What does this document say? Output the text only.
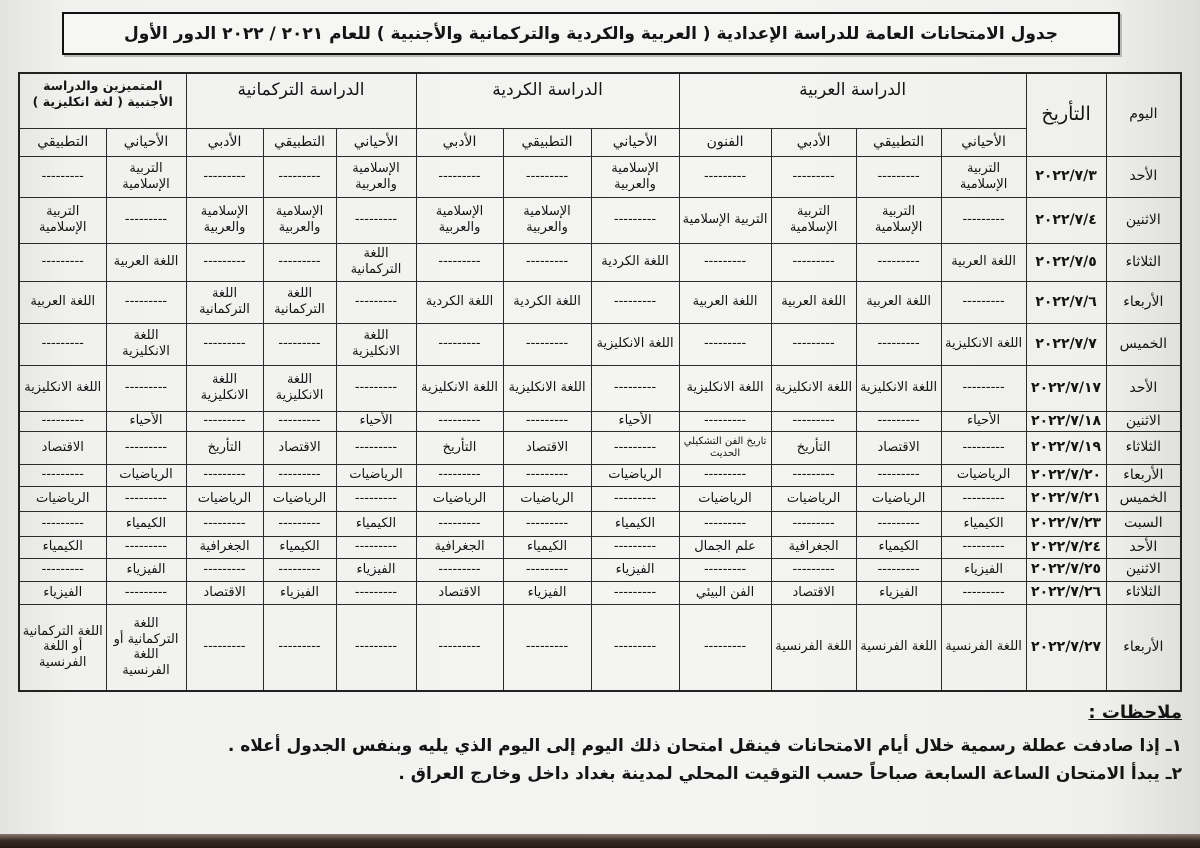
جدول الامتحانات العامة للدراسة الإعدادية ( العربية والكردية والتركمانية والأجنبية ) للعام ٢٠٢١ / ٢٠٢٢ الدور الأول
اليوم	التأريخ	الدراسة العربية				الدراسة الكردية			الدراسة التركمانية			المتميزين والدراسة الأجنبية ( لغة انكليزية )	
		الأحياني	التطبيقي	الأدبي	الفنون	الأحياني	التطبيقي	الأدبي	الأحياني	التطبيقي	الأدبي	الأحياني	التطبيقي
الأحد	٢٠٢٢/٧/٣	التربية الإسلامية	---------	---------	---------	الإسلامية والعربية	---------	---------	الإسلامية والعربية	---------	---------	التربية الإسلامية	---------
الاثنين	٢٠٢٢/٧/٤	---------	التربية الإسلامية	التربية الإسلامية	التربية الإسلامية	---------	الإسلامية والعربية	الإسلامية والعربية	---------	الإسلامية والعربية	الإسلامية والعربية	---------	التربية الإسلامية
الثلاثاء	٢٠٢٢/٧/٥	اللغة العربية	---------	---------	---------	اللغة الكردية	---------	---------	اللغة التركمانية	---------	---------	اللغة العربية	---------
الأربعاء	٢٠٢٢/٧/٦	---------	اللغة العربية	اللغة العربية	اللغة العربية	---------	اللغة الكردية	اللغة الكردية	---------	اللغة التركمانية	اللغة التركمانية	---------	اللغة العربية
الخميس	٢٠٢٢/٧/٧	اللغة الانكليزية	---------	---------	---------	اللغة الانكليزية	---------	---------	اللغة الانكليزية	---------	---------	اللغة الانكليزية	---------
الأحد	٢٠٢٢/٧/١٧	---------	اللغة الانكليزية	اللغة الانكليزية	اللغة الانكليزية	---------	اللغة الانكليزية	اللغة الانكليزية	---------	اللغة الانكليزية	اللغة الانكليزية	---------	اللغة الانكليزية
الاثنين	٢٠٢٢/٧/١٨	الأحياء	---------	---------	---------	الأحياء	---------	---------	الأحياء	---------	---------	الأحياء	---------
الثلاثاء	٢٠٢٢/٧/١٩	---------	الاقتصاد	التأريخ	تاريخ الفن التشكيلي الحديث	---------	الاقتصاد	التأريخ	---------	الاقتصاد	التأريخ	---------	الاقتصاد
الأربعاء	٢٠٢٢/٧/٢٠	الرياضيات	---------	---------	---------	الرياضيات	---------	---------	الرياضيات	---------	---------	الرياضيات	---------
الخميس	٢٠٢٢/٧/٢١	---------	الرياضيات	الرياضيات	الرياضيات	---------	الرياضيات	الرياضيات	---------	الرياضيات	الرياضيات	---------	الرياضيات
السبت	٢٠٢٢/٧/٢٣	الكيمياء	---------	---------	---------	الكيمياء	---------	---------	الكيمياء	---------	---------	الكيمياء	---------
الأحد	٢٠٢٢/٧/٢٤	---------	الكيمياء	الجغرافية	علم الجمال	---------	الكيمياء	الجغرافية	---------	الكيمياء	الجغرافية	---------	الكيمياء
الاثنين	٢٠٢٢/٧/٢٥	الفيزياء	---------	---------	---------	الفيزياء	---------	---------	الفيزياء	---------	---------	الفيزياء	---------
الثلاثاء	٢٠٢٢/٧/٢٦	---------	الفيزياء	الاقتصاد	الفن البيئي	---------	الفيزياء	الاقتصاد	---------	الفيزياء	الاقتصاد	---------	الفيزياء
الأربعاء	٢٠٢٢/٧/٢٧	اللغة الفرنسية	اللغة الفرنسية	اللغة الفرنسية	---------	---------	---------	---------	---------	---------	---------	اللغة التركمانية أو اللغة الفرنسية	اللغة التركمانية أو اللغة الفرنسية
ملاحظات :
١ـ إذا صادفت عطلة رسمية خلال أيام الامتحانات فينقل امتحان ذلك اليوم إلى اليوم الذي يليه وبنفس الجدول أعلاه .
٢ـ يبدأ الامتحان الساعة السابعة صباحاً حسب التوقيت المحلي لمدينة بغداد داخل وخارج العراق .
